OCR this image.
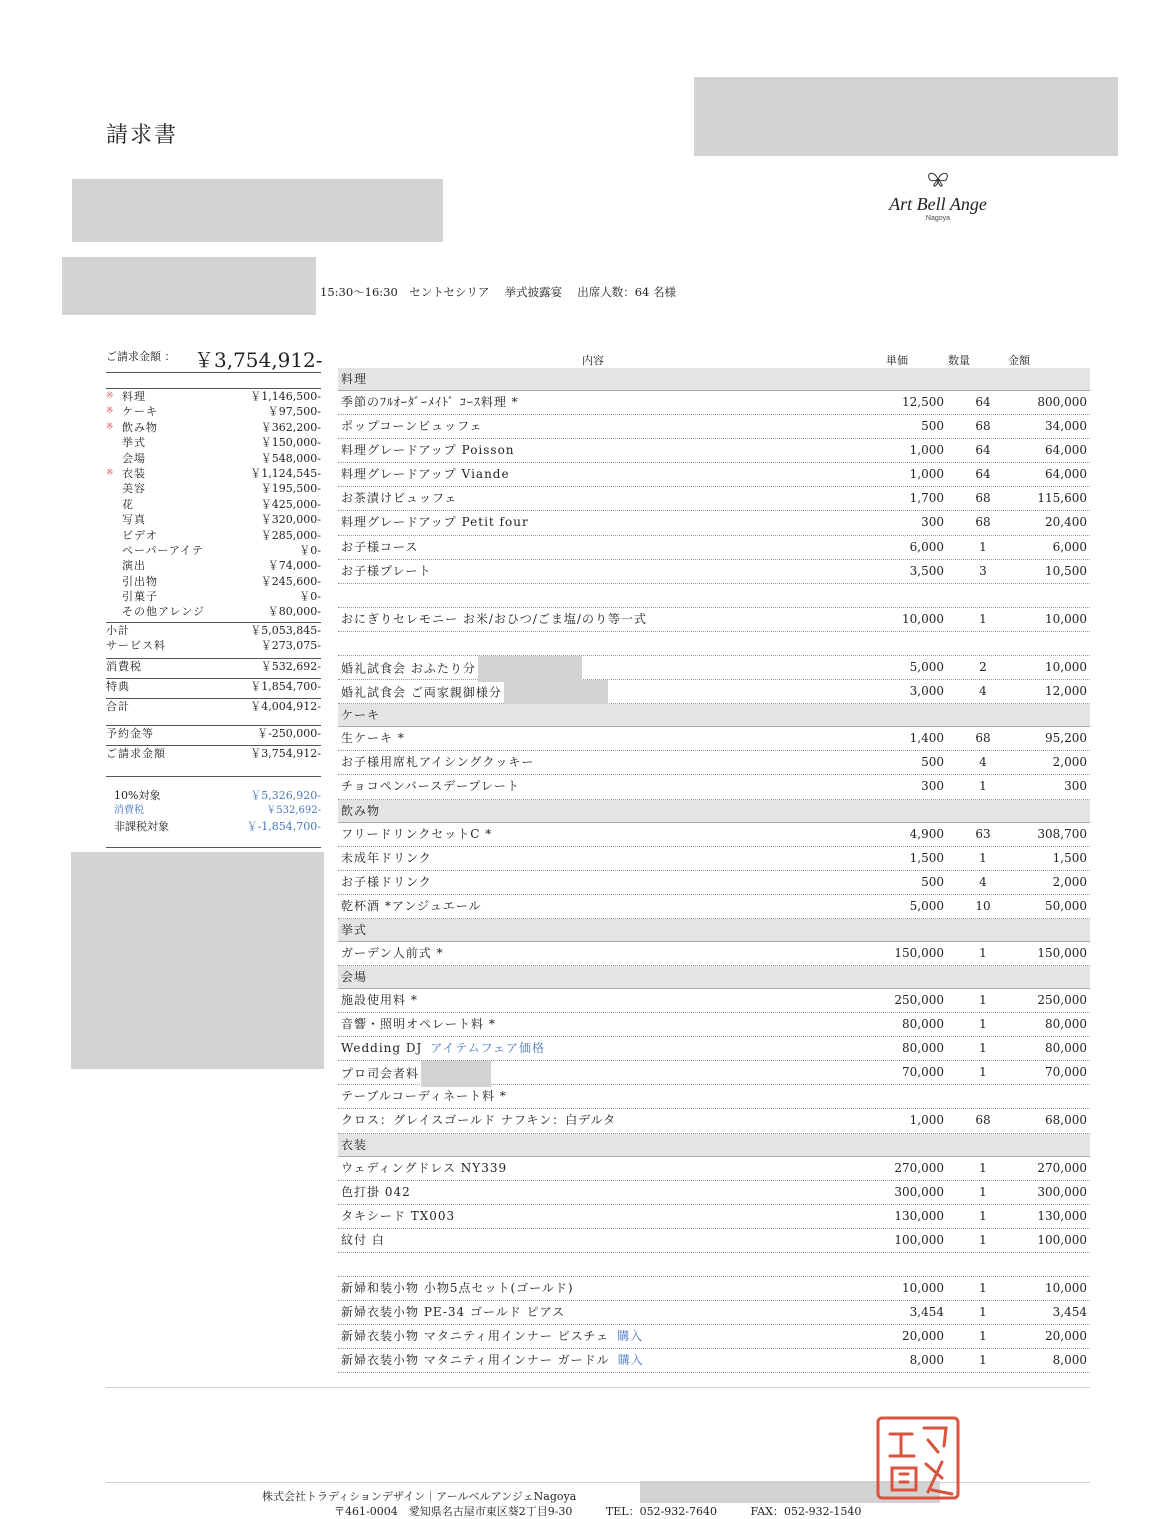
請求書
Art Bell Ange
Nagoya
15:30〜16:30　セントセシリア　 挙式披露宴　 出席人数：64 名様
ご請求金額 ： ￥3,754,912-
※ 料理	￥1,146,500-
※ ケーキ	￥97,500-
※ 飲み物	￥362,200-
挙式	￥150,000-
会場	￥548,000-
※ 衣装	￥1,124,545-
美容	￥195,500-
花	￥425,000-
写真	￥320,000-
ビデオ	￥285,000-
ペーパーアイテ	￥0-
演出	￥74,000-
引出物	￥245,600-
引菓子	￥0-
その他アレンジ	￥80,000-
小計	￥5,053,845-
サービス料	￥273,075-
消費税	￥532,692-
特典	￥1,854,700-
合計	￥4,004,912-
予約金等	￥-250,000-
ご請求金額	￥3,754,912-
10%対象	￥5,326,920-
消費税	￥532,692-
非課税対象	￥-1,854,700-
内容	単価	数量	金額
料理
季節のﾌﾙｵｰﾀﾞｰﾒｲﾄﾞ ｺｰｽ料理 *	12,500	64	800,000
ポップコーンビュッフェ	500	68	34,000
料理グレードアップ Poisson	1,000	64	64,000
料理グレードアップ Viande	1,000	64	64,000
お茶漬けビュッフェ	1,700	68	115,600
料理グレードアップ Petit four	300	68	20,400
お子様コース	6,000	1	6,000
お子様プレート	3,500	3	10,500
おにぎりセレモニー お米/おひつ/ごま塩/のり等一式	10,000	1	10,000
婚礼試食会 おふたり分	5,000	2	10,000
婚礼試食会 ご両家親御様分	3,000	4	12,000
ケーキ
生ケーキ *	1,400	68	95,200
お子様用席札アイシングクッキー	500	4	2,000
チョコペンバースデープレート	300	1	300
飲み物
フリードリンクセットC *	4,900	63	308,700
未成年ドリンク	1,500	1	1,500
お子様ドリンク	500	4	2,000
乾杯酒 *アンジュエール	5,000	10	50,000
挙式
ガーデン人前式 *	150,000	1	150,000
会場
施設使用料 *	250,000	1	250,000
音響・照明オペレート料 *	80,000	1	80,000
Wedding DJ アイテムフェア価格	80,000	1	80,000
プロ司会者料	70,000	1	70,000
テーブルコーディネート料 *
クロス：グレイスゴールド ナフキン：白デルタ	1,000	68	68,000
衣装
ウェディングドレス NY339	270,000	1	270,000
色打掛 042	300,000	1	300,000
タキシード TX003	130,000	1	130,000
紋付 白	100,000	1	100,000
新婦和装小物 小物5点セット(ゴールド)	10,000	1	10,000
新婦衣装小物 PE-34 ゴールド ピアス	3,454	1	3,454
新婦衣装小物 マタニティ用インナー ビスチェ 購入	20,000	1	20,000
新婦衣装小物 マタニティ用インナー ガードル 購入	8,000	1	8,000
株式会社トラディションデザイン｜アールベルアンジェNagoya
〒461-0004　愛知県名古屋市東区葵2丁目9-30	TEL：052-932-7640	FAX：052-932-1540
